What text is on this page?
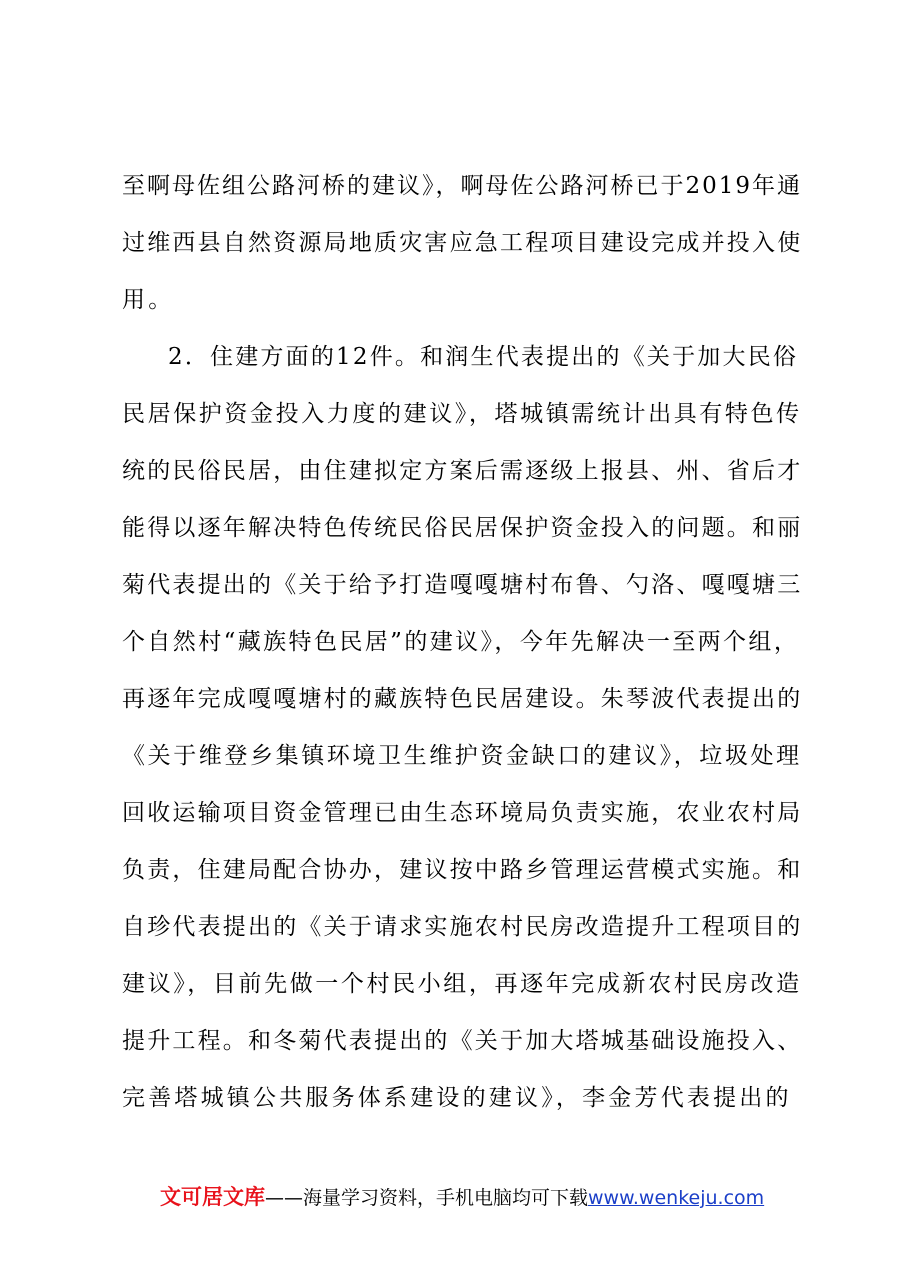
至啊母佐组公路河桥的建议》，啊母佐公路河桥已于2019年通
过维西县自然资源局地质灾害应急工程项目建设完成并投入使
用。
2．住建方面的12件。和润生代表提出的《关于加大民俗
民居保护资金投入力度的建议》，塔城镇需统计出具有特色传
统的民俗民居，由住建拟定方案后需逐级上报县、州、省后才
能得以逐年解决特色传统民俗民居保护资金投入的问题。和丽
菊代表提出的《关于给予打造嘎嘎塘村布鲁、勺洛、嘎嘎塘三
个自然村“藏族特色民居”的建议》，今年先解决一至两个组，
再逐年完成嘎嘎塘村的藏族特色民居建设。朱琴波代表提出的
《关于维登乡集镇环境卫生维护资金缺口的建议》，垃圾处理
回收运输项目资金管理已由生态环境局负责实施，农业农村局
负责，住建局配合协办，建议按中路乡管理运营模式实施。和
自珍代表提出的《关于请求实施农村民房改造提升工程项目的
建议》，目前先做一个村民小组，再逐年完成新农村民房改造
提升工程。和冬菊代表提出的《关于加大塔城基础设施投入、
完善塔城镇公共服务体系建设的建议》，李金芳代表提出的
文可居文库——海量学习资料，手机电脑均可下载www.wenkeju.com
